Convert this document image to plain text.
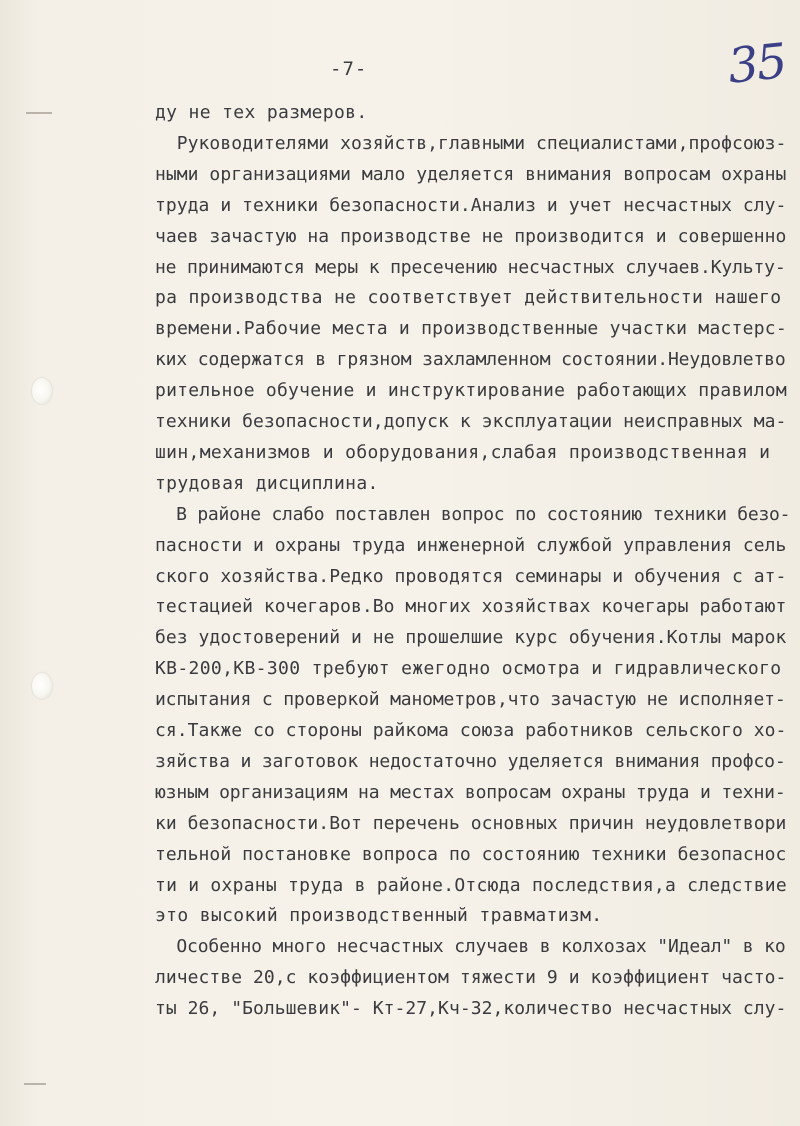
-7-	35
ду не тех размеров.
Руководителями хозяйств,главными специалистами,профсоюз-
ными организациями мало уделяется внимания вопросам охраны
труда и техники безопасности.Анализ и учет несчастных слу-
чаев зачастую на производстве не производится и совершенно
не принимаются меры к пресечению несчастных случаев.Культу-
ра производства не соответствует действительности нашего
времени.Рабочие места и производственные участки мастерс-
ких содержатся в грязном захламленном состоянии.Неудовлетво
рительное обучение и инструктирование работающих правилом
техники безопасности,допуск к эксплуатации неисправных ма-
шин,механизмов и оборудования,слабая производственная и
трудовая дисциплина.
В районе слабо поставлен вопрос по состоянию техники безо-
пасности и охраны труда инженерной службой управления сель
ского хозяйства.Редко проводятся семинары и обучения с ат-
тестацией кочегаров.Во многих хозяйствах кочегары работают
без удостоверений и не прошелшие курс обучения.Котлы марок
КВ-200,КВ-300 требуют ежегодно осмотра и гидравлического
испытания с проверкой манометров,что зачастую не исполняет-
ся.Также со стороны райкома союза работников сельского хо-
зяйства и заготовок недостаточно уделяется внимания профсо-
юзным организациям на местах вопросам охраны труда и техни-
ки безопасности.Вот перечень основных причин неудовлетвори
тельной постановке вопроса по состоянию техники безопаснос
ти и охраны труда в районе.Отсюда последствия,а следствие
это высокий производственный травматизм.
Особенно много несчастных случаев в колхозах "Идеал" в ко
личестве 20,с коэффициентом тяжести 9 и коэффициент часто-
ты 26, "Большевик"- Кт-27,Кч-32,количество несчастных слу-
